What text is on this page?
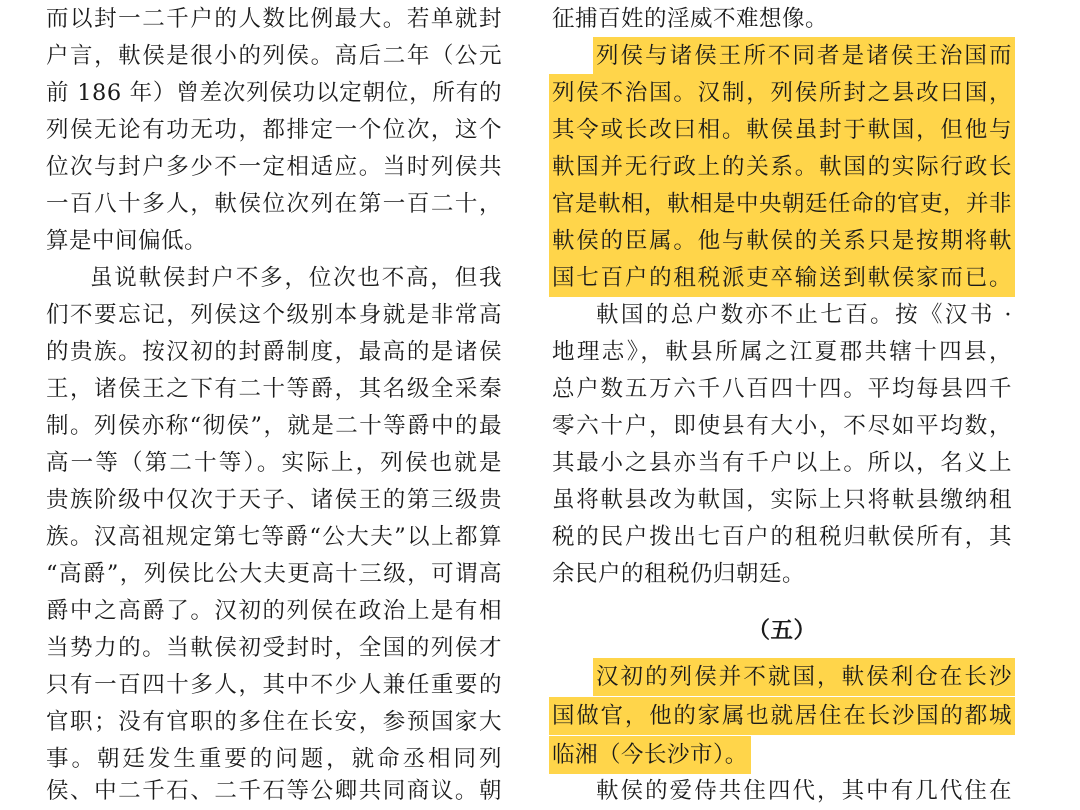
而以封一二千户的人数比例最大。若单就封
户言，軑侯是很小的列侯。高后二年（公元
前 186 年）曾差次列侯功以定朝位，所有的
列侯无论有功无功，都排定一个位次，这个
位次与封户多少不一定相适应。当时列侯共
一百八十多人，軑侯位次列在第一百二十，
算是中间偏低。
虽说軑侯封户不多，位次也不高，但我
们不要忘记，列侯这个级别本身就是非常高
的贵族。按汉初的封爵制度，最高的是诸侯
王，诸侯王之下有二十等爵，其名级全采秦
制。列侯亦称“彻侯”，就是二十等爵中的最
高一等（第二十等）。实际上，列侯也就是
贵族阶级中仅次于天子、诸侯王的第三级贵
族。汉高祖规定第七等爵“公大夫”以上都算
“高爵”，列侯比公大夫更高十三级，可谓高
爵中之高爵了。汉初的列侯在政治上是有相
当势力的。当軑侯初受封时，全国的列侯才
只有一百四十多人，其中不少人兼任重要的
官职；没有官职的多住在长安，参预国家大
事。朝廷发生重要的问题，就命丞相同列
侯、中二千石、二千石等公卿共同商议。朝
征捕百姓的淫威不难想像。
列侯与诸侯王所不同者是诸侯王治国而
列侯不治国。汉制，列侯所封之县改曰国，
其令或长改曰相。軑侯虽封于軑国，但他与
軑国并无行政上的关系。軑国的实际行政长
官是軑相，軑相是中央朝廷任命的官吏，并非
軑侯的臣属。他与軑侯的关系只是按期将軑
国七百户的租税派吏卒输送到軑侯家而已。
軑国的总户数亦不止七百。按《汉书 ·
地理志》，軑县所属之江夏郡共辖十四县，
总户数五万六千八百四十四。平均每县四千
零六十户，即使县有大小，不尽如平均数，
其最小之县亦当有千户以上。所以，名义上
虽将軑县改为軑国，实际上只将軑县缴纳租
税的民户拨出七百户的租税归軑侯所有，其
余民户的租税仍归朝廷。
（五）
汉初的列侯并不就国，軑侯利仓在长沙
国做官，他的家属也就居住在长沙国的都城
临湘（今长沙市）。
軑侯的爱侍共住四代，其中有几代住在
